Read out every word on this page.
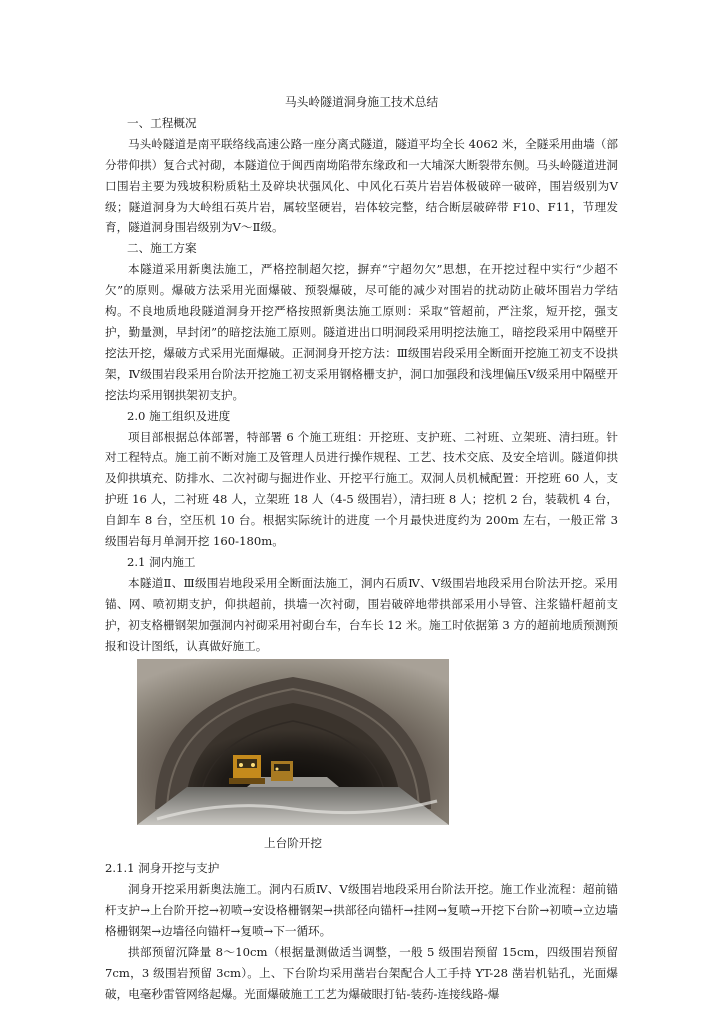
马头岭隧道洞身施工技术总结

一、工程概况

马头岭隧道是南平联络线高速公路一座分离式隧道，隧道平均全长 4062 米，全隧采用曲墙（部分带仰拱）复合式衬砌，本隧道位于闽西南坳陷带东缘政和一大埔深大断裂带东侧。马头岭隧道进洞口围岩主要为残坡积粉质粘土及碎块状强风化、中风化石英片岩岩体极破碎一破碎，围岩级别为Ⅴ级；隧道洞身为大岭组石英片岩，属较坚硬岩，岩体较完整，结合断层破碎带 F10、F11，节理发育，隧道洞身围岩级别为Ⅴ～Ⅱ级。

二、施工方案

本隧道采用新奥法施工，严格控制超欠挖，摒弃“宁超勿欠”思想，在开挖过程中实行“少超不欠”的原则。爆破方法采用光面爆破、预裂爆破，尽可能的减少对围岩的扰动防止破坏围岩力学结构。不良地质地段隧道洞身开挖严格按照新奥法施工原则：采取“管超前，严注浆，短开挖，强支护，勤量测，早封闭”的暗挖法施工原则。隧道进出口明洞段采用明挖法施工，暗挖段采用中隔壁开挖法开挖，爆破方式采用光面爆破。正洞洞身开挖方法：Ⅲ级围岩段采用全断面开挖施工初支不设拱架，Ⅳ级围岩段采用台阶法开挖施工初支采用钢格栅支护，洞口加强段和浅埋偏压Ⅴ级采用中隔壁开挖法均采用钢拱架初支护。

2.0 施工组织及进度

项目部根据总体部署，特部署 6 个施工班组：开挖班、支护班、二衬班、立架班、清扫班。针对工程特点。施工前不断对施工及管理人员进行操作规程、工艺、技术交底、及安全培训。隧道仰拱及仰拱填充、防排水、二次衬砌与掘进作业、开挖平行施工。双洞人员机械配置：开挖班 60 人，支护班 16 人，二衬班 48 人，立架班 18 人（4-5 级围岩），清扫班 8 人；挖机 2 台，装载机 4 台，自卸车 8 台，空压机 10 台。根据实际统计的进度 一个月最快进度约为 200m 左右，一般正常 3 级围岩每月单洞开挖 160-180m。

2.1 洞内施工

本隧道Ⅱ、Ⅲ级围岩地段采用全断面法施工，洞内石质Ⅳ、Ⅴ级围岩地段采用台阶法开挖。采用锚、网、喷初期支护，仰拱超前，拱墙一次衬砌，围岩破碎地带拱部采用小导管、注浆锚杆超前支护，初支格栅钢架加强洞内衬砌采用衬砌台车，台车长 12 米。施工时依据第 3 方的超前地质预测预报和设计图纸，认真做好施工。

上台阶开挖

2.1.1 洞身开挖与支护

洞身开挖采用新奥法施工。洞内石质Ⅳ、Ⅴ级围岩地段采用台阶法开挖。施工作业流程：超前锚杆支护→上台阶开挖→初喷→安设格栅钢架→拱部径向锚杆→挂网→复喷→开挖下台阶→初喷→立边墙格栅钢架→边墙径向锚杆→复喷→下一循环。

拱部预留沉降量 8～10cm（根据量测做适当调整，一般 5 级围岩预留 15cm，四级围岩预留 7cm，3 级围岩预留 3cm）。上、下台阶均采用凿岩台架配合人工手持 YT-28 凿岩机钻孔，光面爆破，电毫秒雷管网络起爆。光面爆破施工工艺为爆破眼打钻-装药-连接线路-爆
